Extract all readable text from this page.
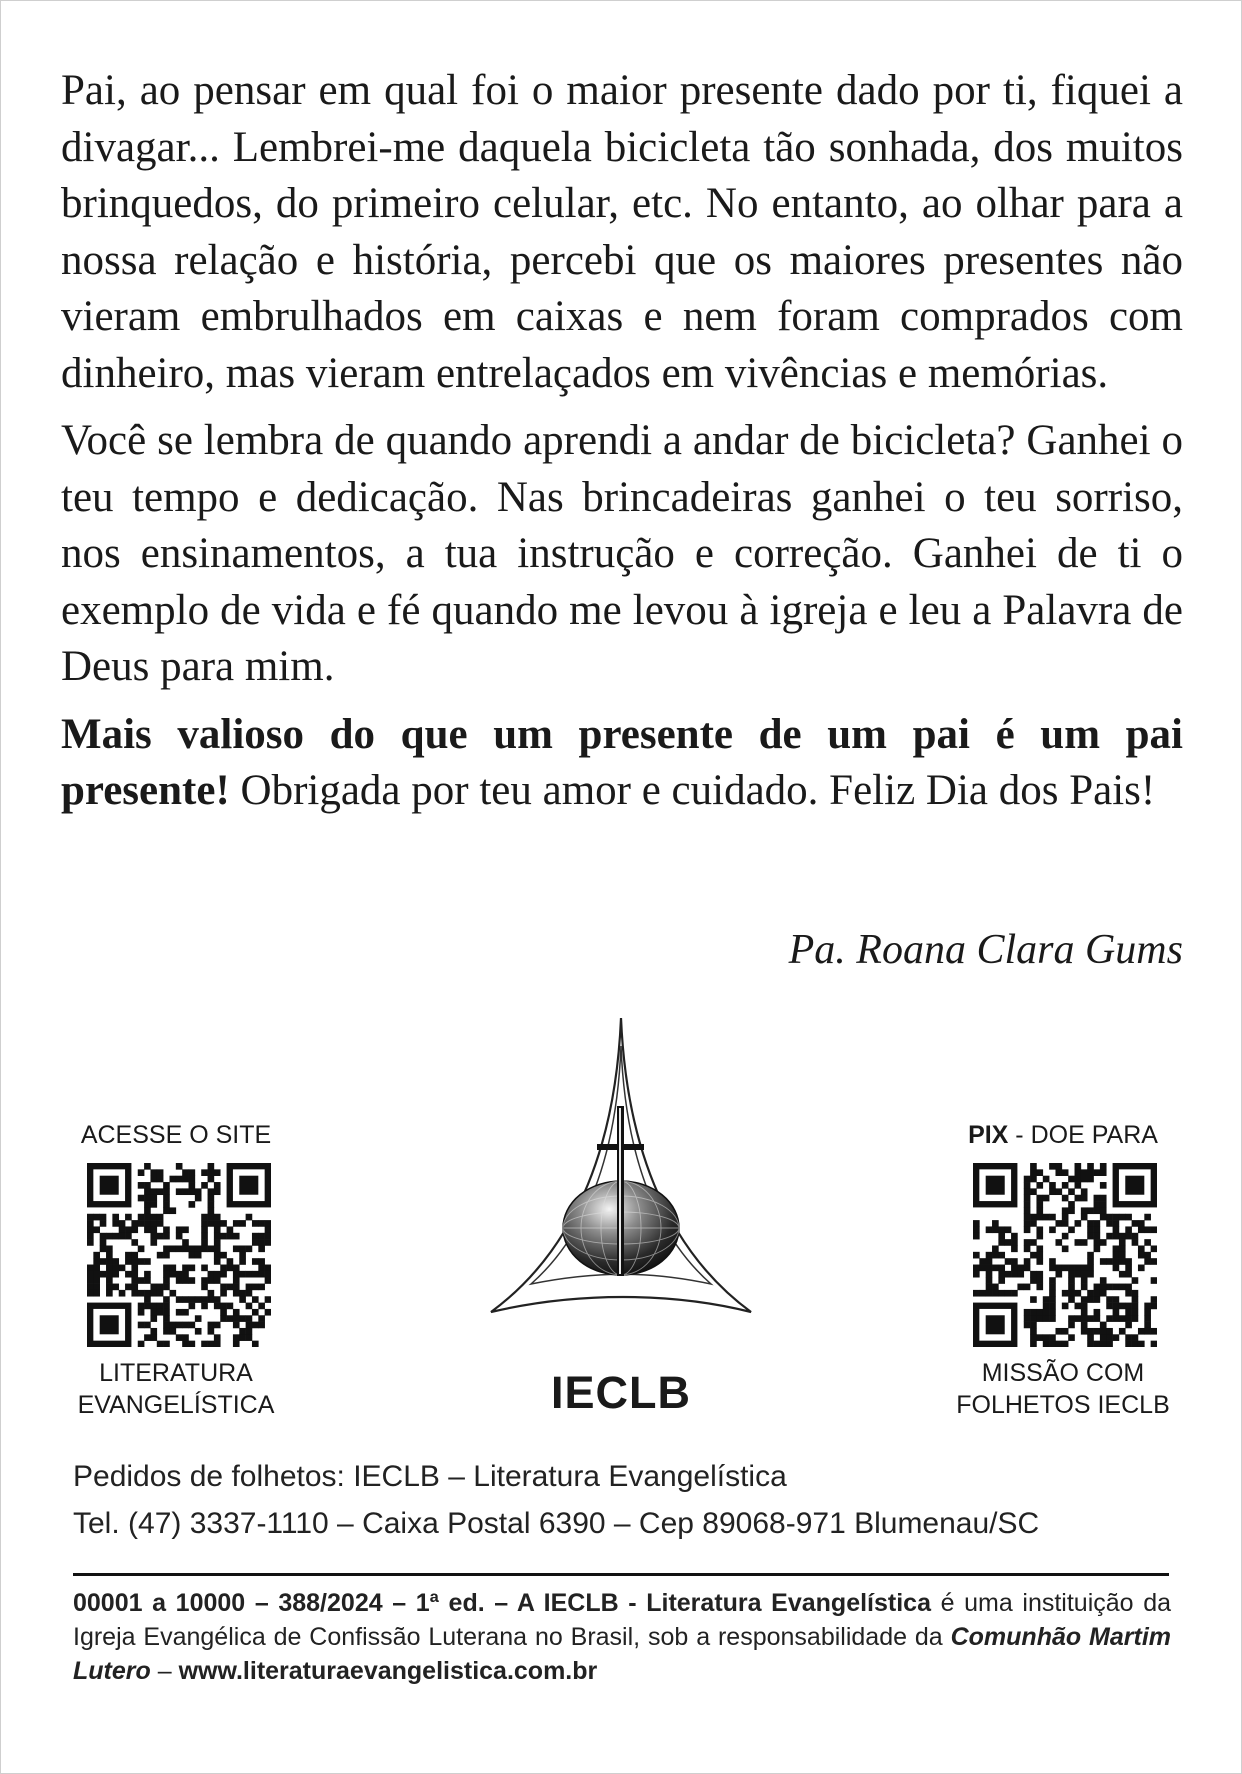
Pai, ao pensar em qual foi o maior presente dado por ti, fiquei a divagar... Lembrei-me daquela bicicleta tão sonhada, dos muitos brinquedos, do primeiro celular, etc. No entanto, ao olhar para a nossa relação e história, percebi que os maiores presentes não vieram embrulhados em caixas e nem foram comprados com dinheiro, mas vieram entrelaçados em vivências e memórias.

Você se lembra de quando aprendi a andar de bicicleta? Ganhei o teu tempo e dedicação. Nas brincadeiras ganhei o teu sorriso, nos ensinamentos, a tua instrução e correção. Ganhei de ti o exemplo de vida e fé quando me levou à igreja e leu a Palavra de Deus para mim.

Mais valioso do que um presente de um pai é um pai presente! Obrigada por teu amor e cuidado. Feliz Dia dos Pais!

Pa. Roana Clara Gums
ACESSE O SITE
LITERATURA
EVANGELÍSTICA
PIX - DOE PARA
MISSÃO COM
FOLHETOS IECLB
IECLB
Pedidos de folhetos: IECLB – Literatura Evangelística
Tel. (47) 3337-1110 – Caixa Postal 6390 – Cep 89068-971 Blumenau/SC
00001 a 10000 – 388/2024 – 1ª ed. – A IECLB - Literatura Evangelística é uma instituição da Igreja Evangélica de Confissão Luterana no Brasil, sob a responsabilidade da Comunhão Martim Lutero – www.literaturaevangelistica.com.br
